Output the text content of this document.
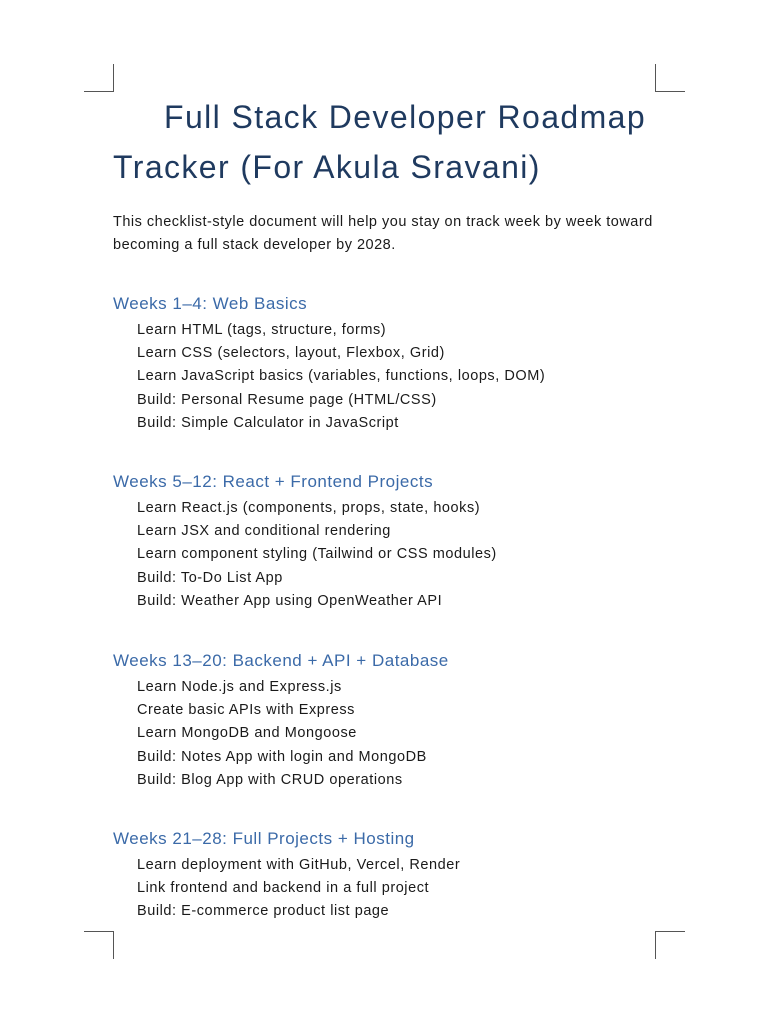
Full Stack Developer Roadmap Tracker (For Akula Sravani)

This checklist-style document will help you stay on track week by week toward becoming a full stack developer by 2028.

Weeks 1–4: Web Basics
Learn HTML (tags, structure, forms)
Learn CSS (selectors, layout, Flexbox, Grid)
Learn JavaScript basics (variables, functions, loops, DOM)
Build: Personal Resume page (HTML/CSS)
Build: Simple Calculator in JavaScript
Weeks 5–12: React + Frontend Projects
Learn React.js (components, props, state, hooks)
Learn JSX and conditional rendering
Learn component styling (Tailwind or CSS modules)
Build: To-Do List App
Build: Weather App using OpenWeather API
Weeks 13–20: Backend + API + Database
Learn Node.js and Express.js
Create basic APIs with Express
Learn MongoDB and Mongoose
Build: Notes App with login and MongoDB
Build: Blog App with CRUD operations
Weeks 21–28: Full Projects + Hosting
Learn deployment with GitHub, Vercel, Render
Link frontend and backend in a full project
Build: E-commerce product list page
